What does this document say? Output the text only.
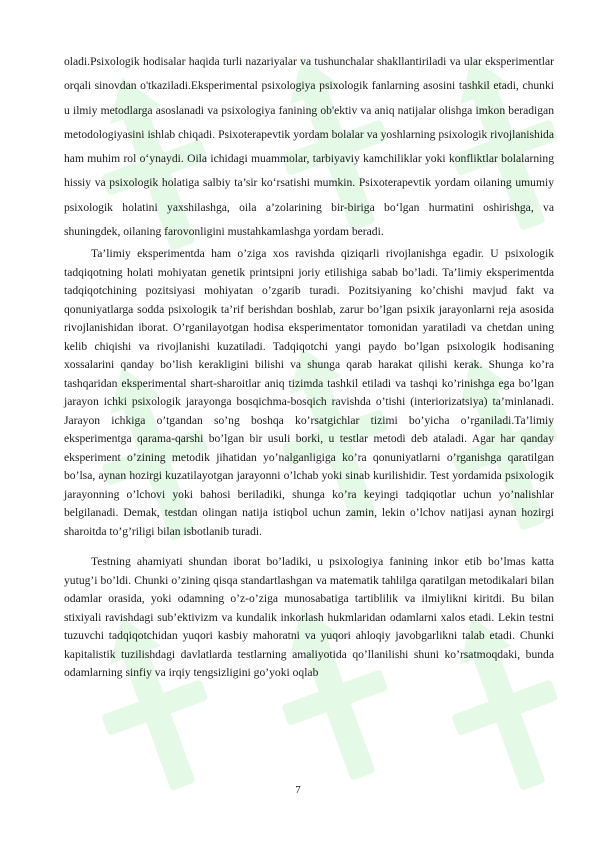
oladi.Psixologik hodisalar haqida turli nazariyalar va tushunchalar shakllantiriladi va ular eksperimentlar orqali sinovdan o'tkaziladi.Eksperimental psixologiya psixologik fanlarning asosini tashkil etadi, chunki u ilmiy metodlarga asoslanadi va psixologiya fanining ob'ektiv va aniq natijalar olishga imkon beradigan metodologiyasini ishlab chiqadi. Psixoterapevtik yordam bolalar va yoshlarning psixologik rivojlanishida ham muhim rol o‘ynaydi. Oila ichidagi muammolar, tarbiyaviy kamchiliklar yoki konfliktlar bolalarning hissiy va psixologik holatiga salbiy ta’sir ko‘rsatishi mumkin. Psixoterapevtik yordam oilaning umumiy psixologik holatini yaxshilashga, oila a’zolarining bir-biriga bo‘lgan hurmatini oshirishga, va shuningdek, oilaning farovonligini mustahkamlashga yordam beradi.

Ta’limiy eksperimentda ham o’ziga xos ravishda qiziqarli rivojlanishga egadir. U psixologik tadqiqotning holati mohiyatan genetik printsipni joriy etilishiga sabab bo’ladi. Ta’limiy eksperimentda tadqiqotchining pozitsiyasi mohiyatan o’zgarib turadi. Pozitsiyaning ko’chishi mavjud fakt va qonuniyatlarga sodda psixologik ta’rif berishdan boshlab, zarur bo’lgan psixik jarayonlarni reja asosida rivojlanishidan iborat. O’rganilayotgan hodisa eksperimentator tomonidan yaratiladi va chetdan uning kelib chiqishi va rivojlanishi kuzatiladi. Tadqiqotchi yangi paydo bo’lgan psixologik hodisaning xossalarini qanday bo’lish kerakligini bilishi va shunga qarab harakat qilishi kerak. Shunga ko’ra tashqaridan eksperimental shart-sharoitlar aniq tizimda tashkil etiladi va tashqi ko’rinishga ega bo’lgan jarayon ichki psixologik jarayonga bosqichma-bosqich ravishda o’tishi (interiorizatsiya) ta’minlanadi. Jarayon ichkiga o’tgandan so’ng boshqa ko’rsatgichlar tizimi bo’yicha o’rganiladi.Ta’limiy eksperimentga qarama-qarshi bo’lgan bir usuli borki, u testlar metodi deb ataladi. Agar har qanday eksperiment o’zining metodik jihatidan yo’nalganligiga ko’ra qonuniyatlarni o’rganishga qaratilgan bo’lsa, aynan hozirgi kuzatilayotgan jarayonni o’lchab yoki sinab kurilishidir. Test yordamida psixologik jarayonning o’lchovi yoki bahosi beriladiki, shunga ko’ra keyingi tadqiqotlar uchun yo’nalishlar belgilanadi. Demak, testdan olingan natija istiqbol uchun zamin, lekin o’lchov natijasi aynan hozirgi sharoitda to’g’riligi bilan isbotlanib turadi.

Testning ahamiyati shundan iborat bo’ladiki, u psixologiya fanining inkor etib bo’lmas katta yutug’i bo’ldi. Chunki o’zining qisqa standartlashgan va matematik tahlilga qaratilgan metodikalari bilan odamlar orasida, yoki odamning o’z-o’ziga munosabatiga tartiblilik va ilmiylikni kiritdi. Bu bilan stixiyali ravishdagi sub’ektivizm va kundalik inkorlash hukmlaridan odamlarni xalos etadi. Lekin testni tuzuvchi tadqiqotchidan yuqori kasbiy mahoratni va yuqori ahloqiy javobgarlikni talab etadi. Chunki kapitalistik tuzilishdagi davlatlarda testlarning amaliyotida qo’llanilishi shuni ko’rsatmoqdaki, bunda odamlarning sinfiy va irqiy tengsizligini go’yoki oqlab

7
